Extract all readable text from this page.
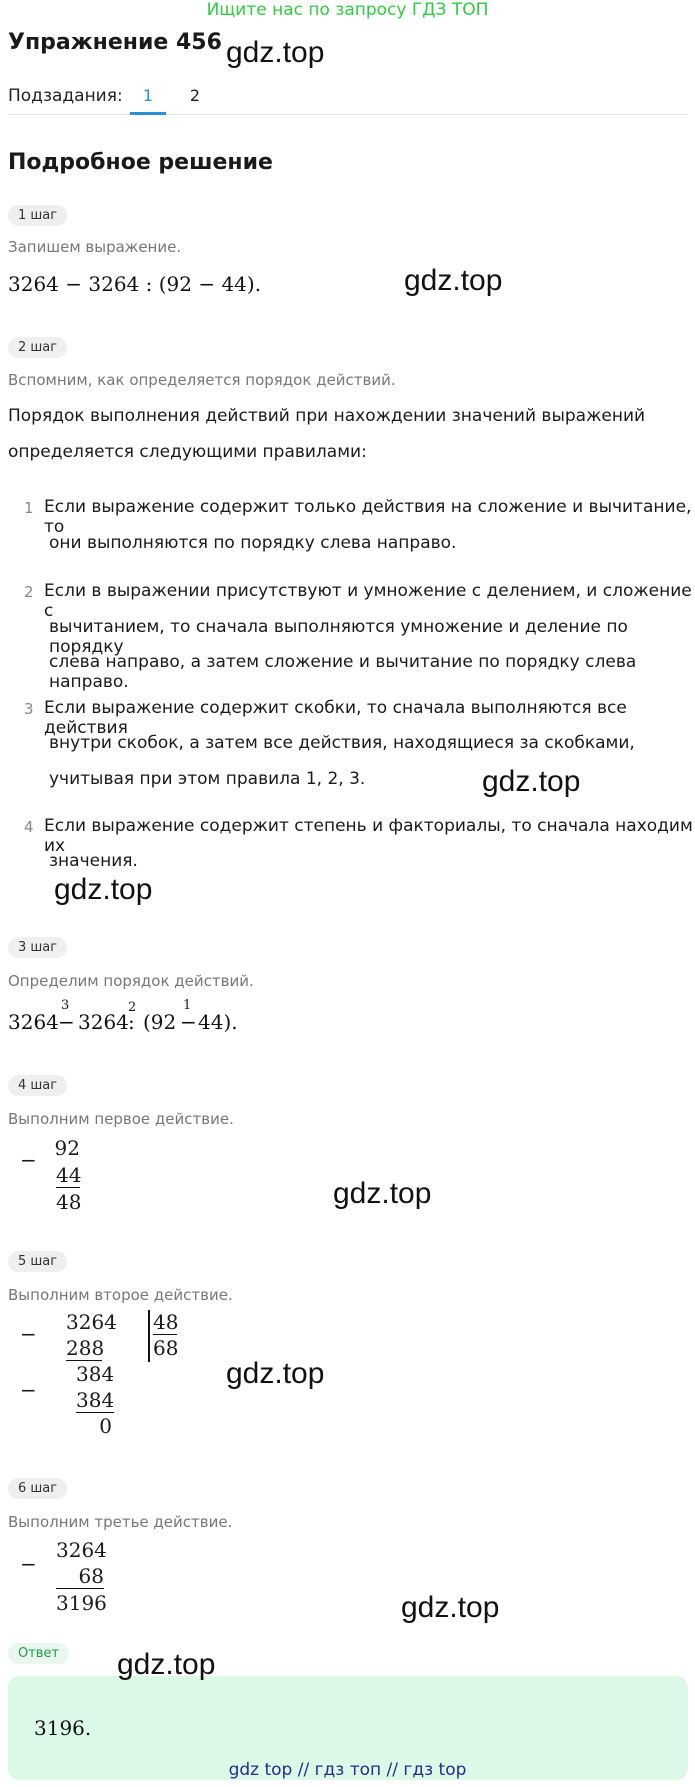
Ищите нас по запросу ГДЗ ТОП
Упражнение 456 gdz.top
Подзадания:	1	2
Подробное решение
1 шаг
Запишем выражение.
3264 − 3264 : (92 − 44).	gdz.top
2 шаг
Вспомним, как определяется порядок действий.
Порядок выполнения действий при нахождении значений выражений
определяется следующими правилами:
1 Если выражение содержит только действия на сложение и вычитание, то
они выполняются по порядку слева направо.
2 Если в выражении присутствуют и умножение с делением, и сложение с
вычитанием, то сначала выполняются умножение и деление по порядку
слева направо, а затем сложение и вычитание по порядку слева направо.
3 Если выражение содержит скобки, то сначала выполняются все действия
внутри скобок, а затем все действия, находящиеся за скобками,
учитывая при этом правила 1, 2, 3.	gdz.top
4 Если выражение содержит степень и факториалы, то сначала находим их
значения.
gdz.top
3 шаг
Определим порядок действий.
3264 −
3
3264 :
2
(92 −
1
44).
4 шаг
Выполним первое действие.
− 92
44
48	gdz.top
5 шаг
Выполним второе действие.
− 3264
288
−
384
384
0
48
68
gdz.top
6 шаг
Выполним третье действие.
−
3264
68
3196	gdz.top
Ответ
3196.
gdz.top
gdz top // гдз топ // гдз top
